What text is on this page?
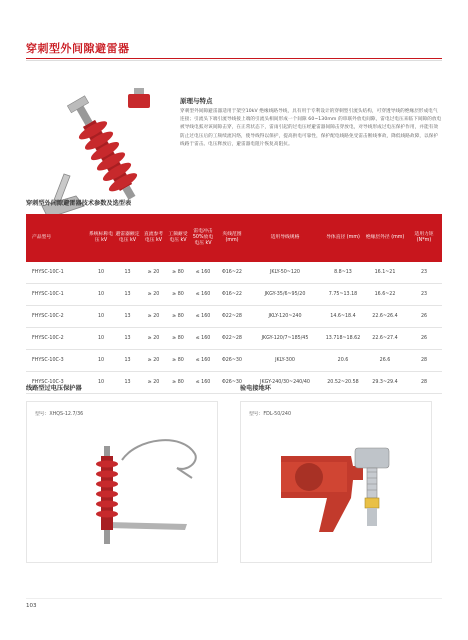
穿刺型外间隙避雷器
原理与特点
穿刺型外间隙避雷器适用于架空10kV 绝缘线路导线，具有用于专利设计的穿刺型引流头结构，可穿透导线的绝缘层形成电气连接；引流头下端引流导线接上端的引流头相间形成一个间隙 60~130mm 的串联外放电间隙，雷电过电压来临下间隙的放电被导线电弧对该间隙击穿，在正常状态下，雷雨引起的过电压经避雷器间隙击穿放电，对导线形成过电压保护作用，并能有效防止过电压后的工频续流闪络，使导线得以保护，提高供电可靠性，保护配电线路免受雷击断线事故，降低线路故障，以保护线路于雷击。电压释放后，避雷器电阻片恢复高阻抗。
穿刺型外间隙避雷器技术参数及选型表
产品型号	系统标称电压 kV	避雷器额定电压 kV	直流参考电压 kV	工频耐受电压 kV	雷电冲击50%放电电压 kV	夹线范围 (mm)	适用导线规格	导体直径 (mm)	绝缘层外径 (mm)	适用力矩 (N*m)
FHYSC-10C-1	10	13	≥ 20	≥ 80	≤ 160	Φ16~22	JKLY-50~120	8.8~13	16.1~21	23
FHYSC-10C-1	10	13	≥ 20	≥ 80	≤ 160	Φ16~22	JKGY-35/6~95/20	7.75~13.18	16.6~22	23
FHYSC-10C-2	10	13	≥ 20	≥ 80	≤ 160	Φ22~28	JKLY-120~240	14.6~18.4	22.6~26.4	26
FHYSC-10C-2	10	13	≥ 20	≥ 80	≤ 160	Φ22~28	JKGY-120/7~185/45	13.718~18.62	22.6~27.4	26
FHYSC-10C-3	10	13	≥ 20	≥ 80	≤ 160	Φ26~30	JKLY-300	20.6	26.6	28
FHYSC-10C-3	10	13	≥ 20	≥ 80	≤ 160	Φ26~30	JKGY-240/30~240/40	20.52~20.58	29.3~29.4	28
线路型过电压保护器
型号：XHQS-12.7/36
验电接地环
型号：FDL-50/240
103
